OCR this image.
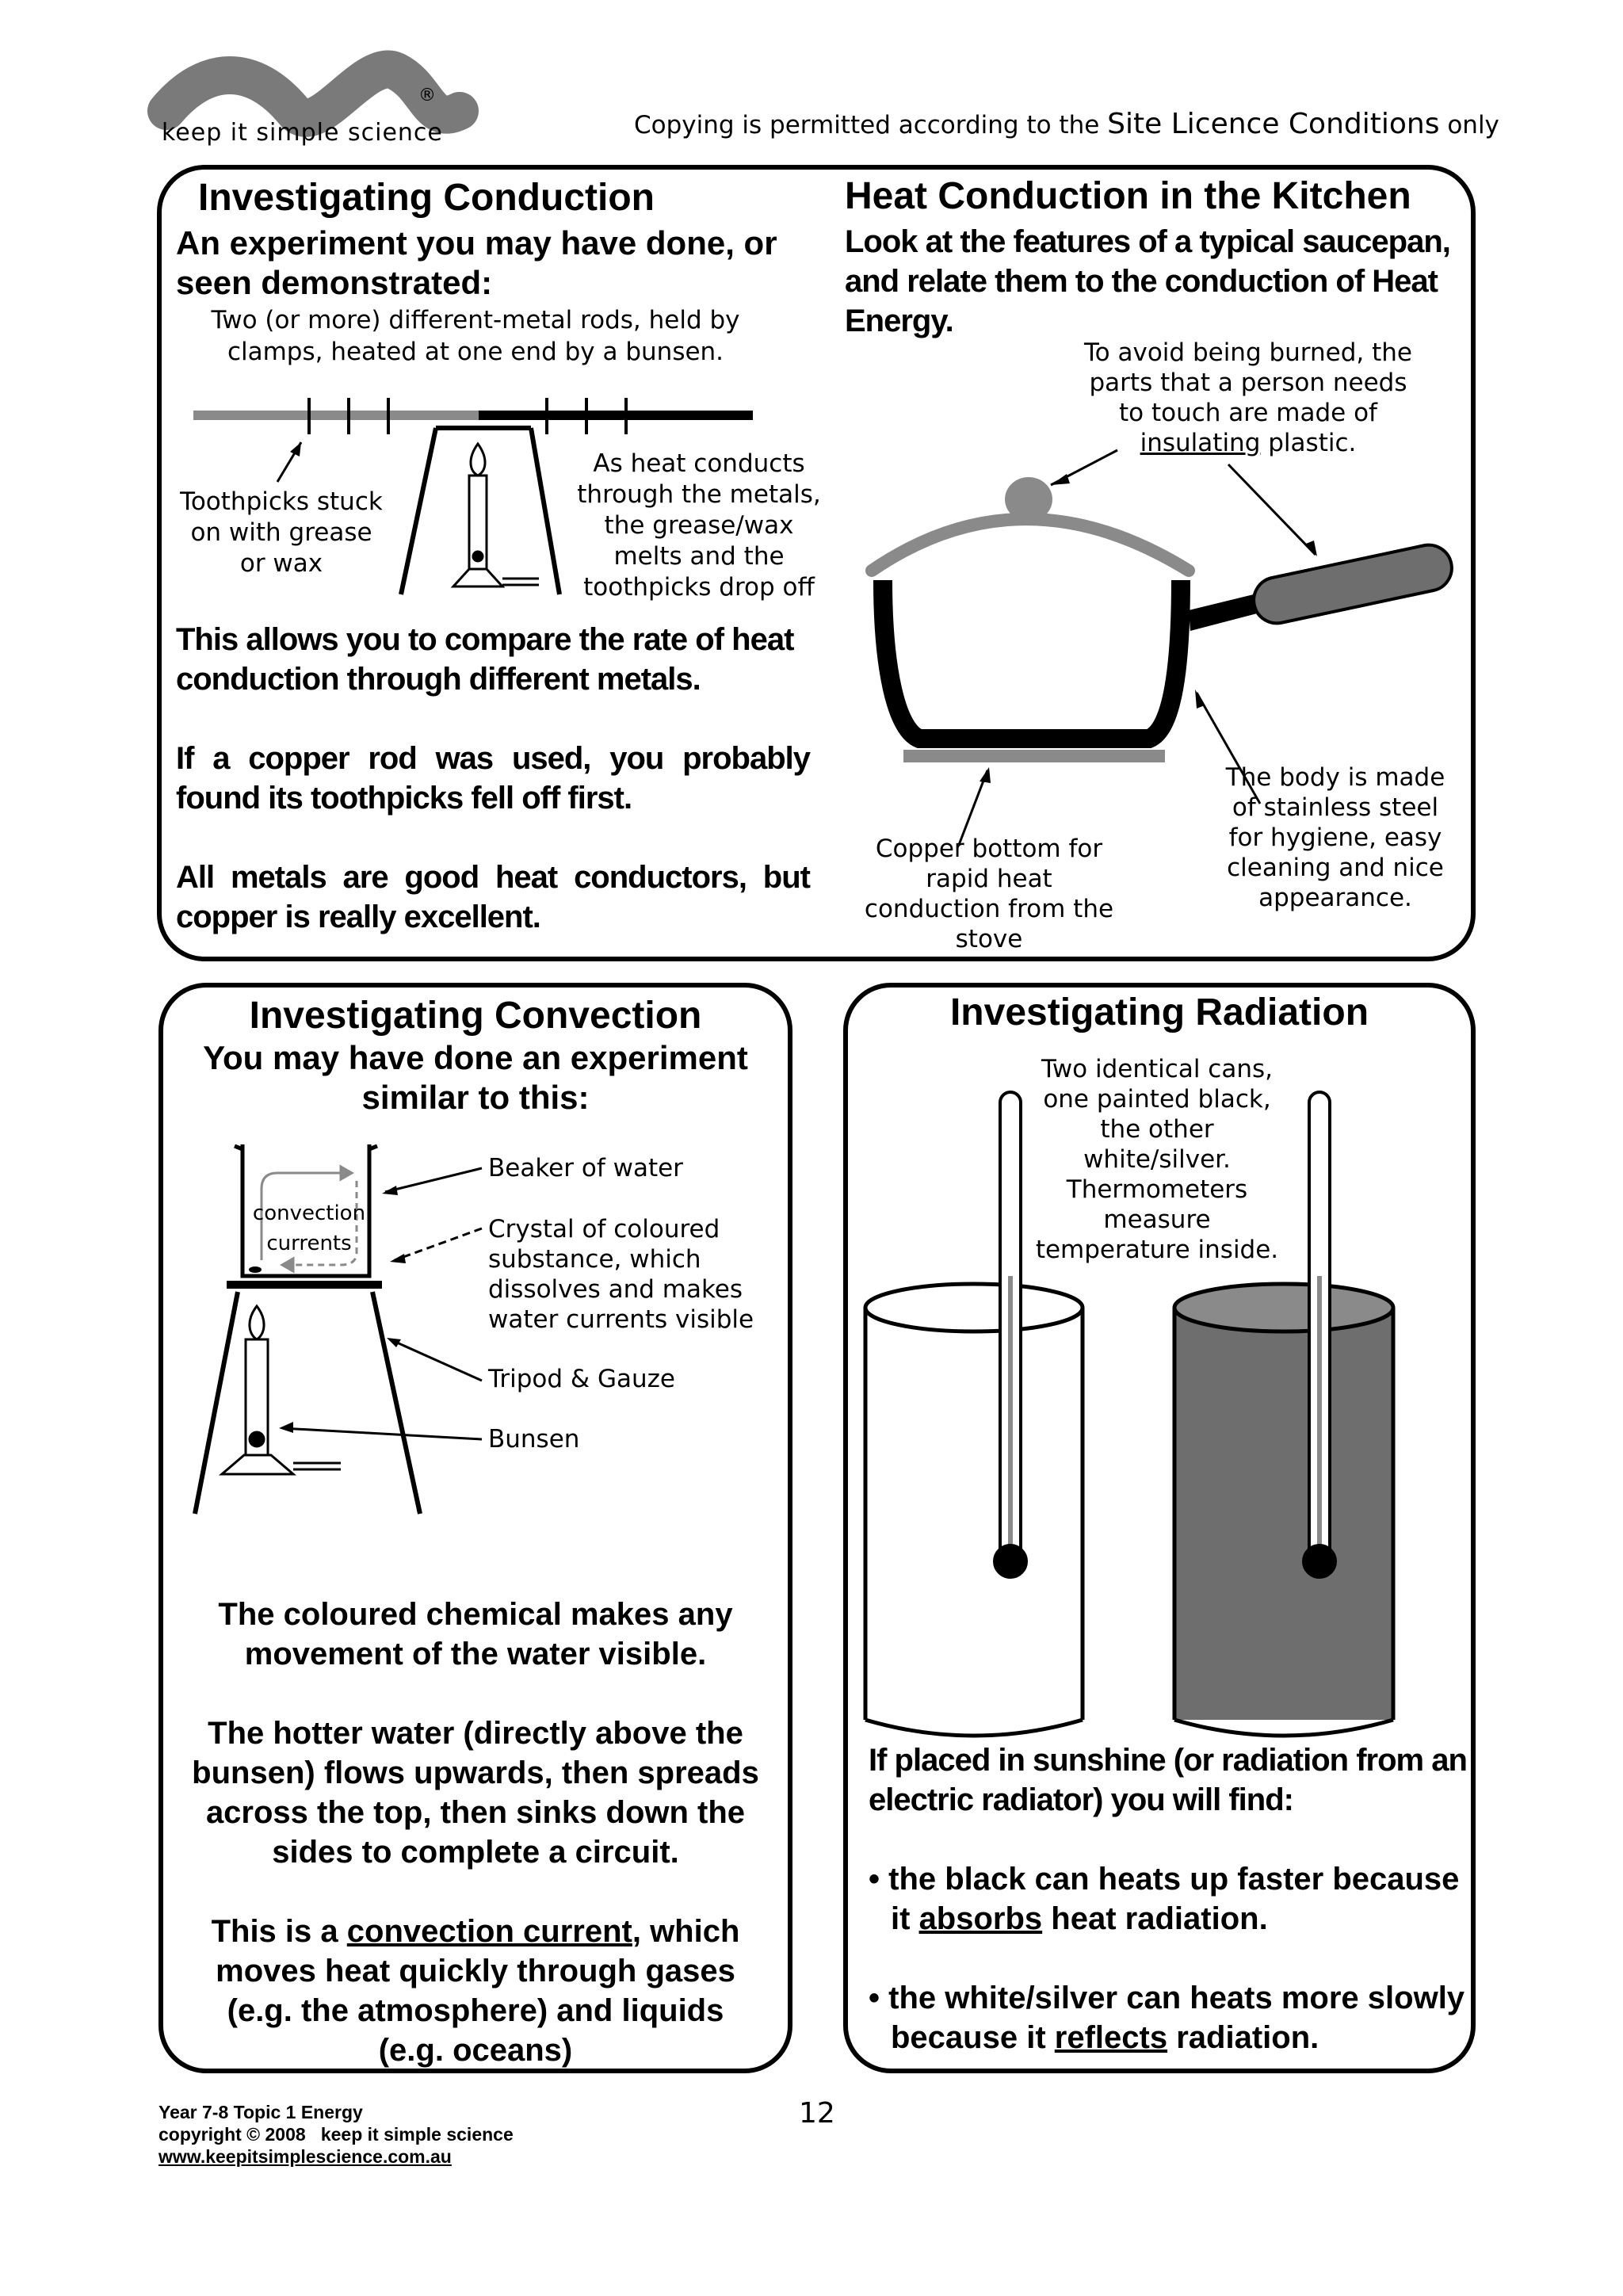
®
keep it simple science	Copying is permitted according to the Site Licence Conditions only
Investigating Conduction
An experiment you may have done, or seen demonstrated:
Two (or more) different-metal rods, held by clamps, heated at one end by a bunsen.
Toothpicks stuck on with grease or wax
As heat conducts through the metals, the grease/wax melts and the toothpicks drop off
This allows you to compare the rate of heat conduction through different metals.
If a copper rod was used, you probably found its toothpicks fell off first.
All metals are good heat conductors, but copper is really excellent.
Heat Conduction in the Kitchen
Look at the features of a typical saucepan, and relate them to the conduction of Heat Energy.
To avoid being burned, the parts that a person needs to touch are made of insulating plastic.
Copper bottom for rapid heat conduction from the stove
The body is made of stainless steel for hygiene, easy cleaning and nice appearance.
Investigating Convection
You may have done an experiment similar to this:
convection
currents
Beaker of water
Crystal of coloured substance, which dissolves and makes water currents visible
Tripod & Gauze
Bunsen
The coloured chemical makes any movement of the water visible.
The hotter water (directly above the bunsen) flows upwards, then spreads across the top, then sinks down the sides to complete a circuit.
This is a convection current, which moves heat quickly through gases (e.g. the atmosphere) and liquids (e.g. oceans)
Investigating Radiation
Two identical cans, one painted black, the other white/silver. Thermometers measure temperature inside.
If placed in sunshine (or radiation from an electric radiator) you will find:
• the black can heats up faster because it absorbs heat radiation.
• the white/silver can heats more slowly because it reflects radiation.
Year 7-8 Topic 1 Energy
copyright © 2008   keep it simple science
www.keepitsimplescience.com.au
12
